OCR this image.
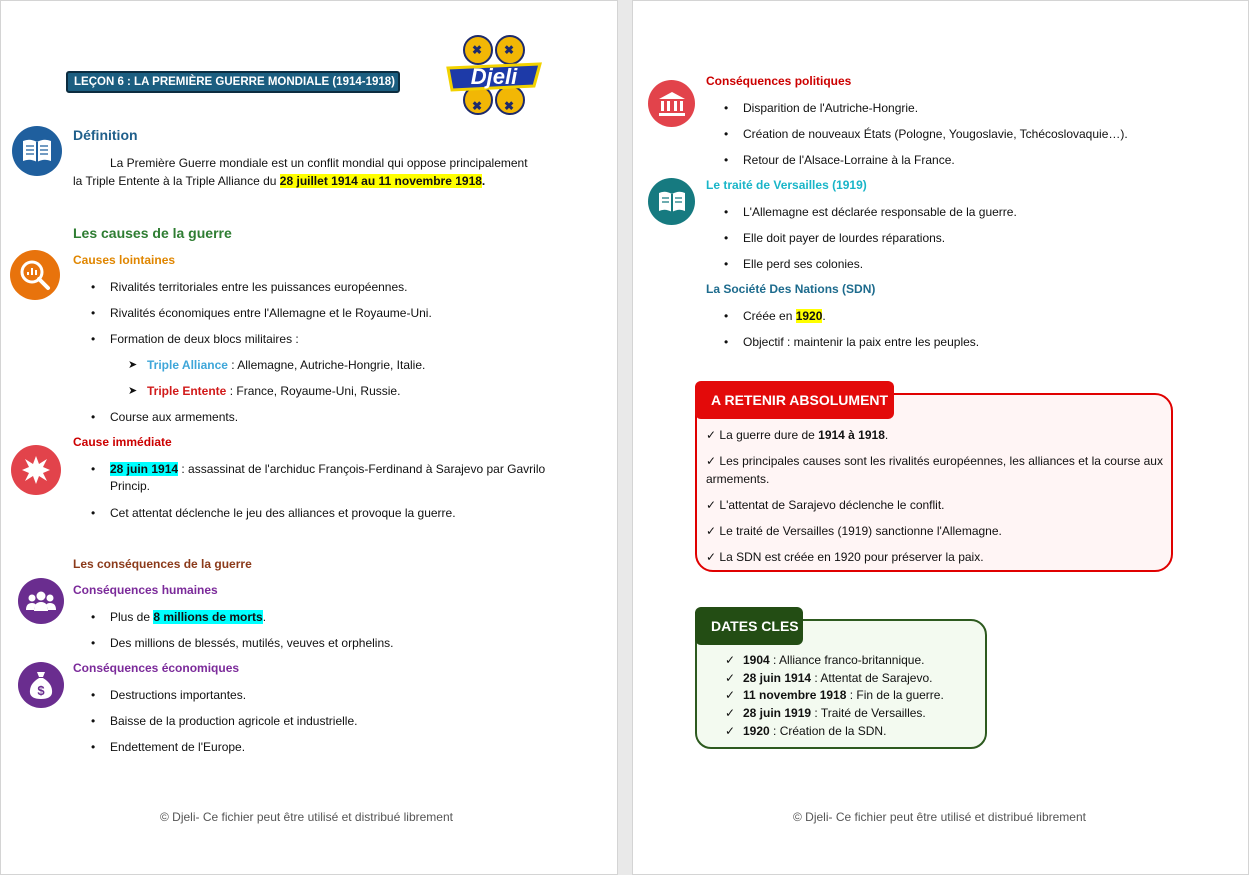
LEÇON 6 : LA PREMIÈRE GUERRE MONDIALE (1914-1918)	Djeli
✖ ✖
✖ ✖
Définition
La Première Guerre mondiale est un conflit mondial qui oppose principalement
la Triple Entente à la Triple Alliance du 28 juillet 1914 au 11 novembre 1918.
Les causes de la guerre
Causes lointaines
• Rivalités territoriales entre les puissances européennes.
• Rivalités économiques entre l'Allemagne et le Royaume-Uni.
• Formation de deux blocs militaires :
➤ Triple Alliance : Allemagne, Autriche-Hongrie, Italie.
➤ Triple Entente : France, Royaume-Uni, Russie.
• Course aux armements.
Cause immédiate
• 28 juin 1914 : assassinat de l'archiduc François-Ferdinand à Sarajevo par Gavrilo
Princip.
• Cet attentat déclenche le jeu des alliances et provoque la guerre.
Les conséquences de la guerre
Conséquences humaines
• Plus de 8 millions de morts.
• Des millions de blessés, mutilés, veuves et orphelins.
$
Conséquences économiques
• Destructions importantes.
• Baisse de la production agricole et industrielle.
• Endettement de l'Europe.
© Djeli- Ce fichier peut être utilisé et distribué librement
Conséquences politiques
• Disparition de l'Autriche-Hongrie.
• Création de nouveaux États (Pologne, Yougoslavie, Tchécoslovaquie…).
• Retour de l'Alsace-Lorraine à la France.
Le traité de Versailles (1919)
• L'Allemagne est déclarée responsable de la guerre.
• Elle doit payer de lourdes réparations.
• Elle perd ses colonies.
La Société Des Nations (SDN)
• Créée en 1920.
• Objectif : maintenir la paix entre les peuples.
A RETENIR ABSOLUMENT
✓ La guerre dure de 1914 à 1918.
✓ Les principales causes sont les rivalités européennes, les alliances et la course aux
armements.
✓ L'attentat de Sarajevo déclenche le conflit.
✓ Le traité de Versailles (1919) sanctionne l'Allemagne.
✓ La SDN est créée en 1920 pour préserver la paix.
DATES CLES
✓ 1904 : Alliance franco-britannique.
✓ 28 juin 1914 : Attentat de Sarajevo.
✓ 11 novembre 1918 : Fin de la guerre.
✓ 28 juin 1919 : Traité de Versailles.
✓ 1920 : Création de la SDN.
© Djeli- Ce fichier peut être utilisé et distribué librement
